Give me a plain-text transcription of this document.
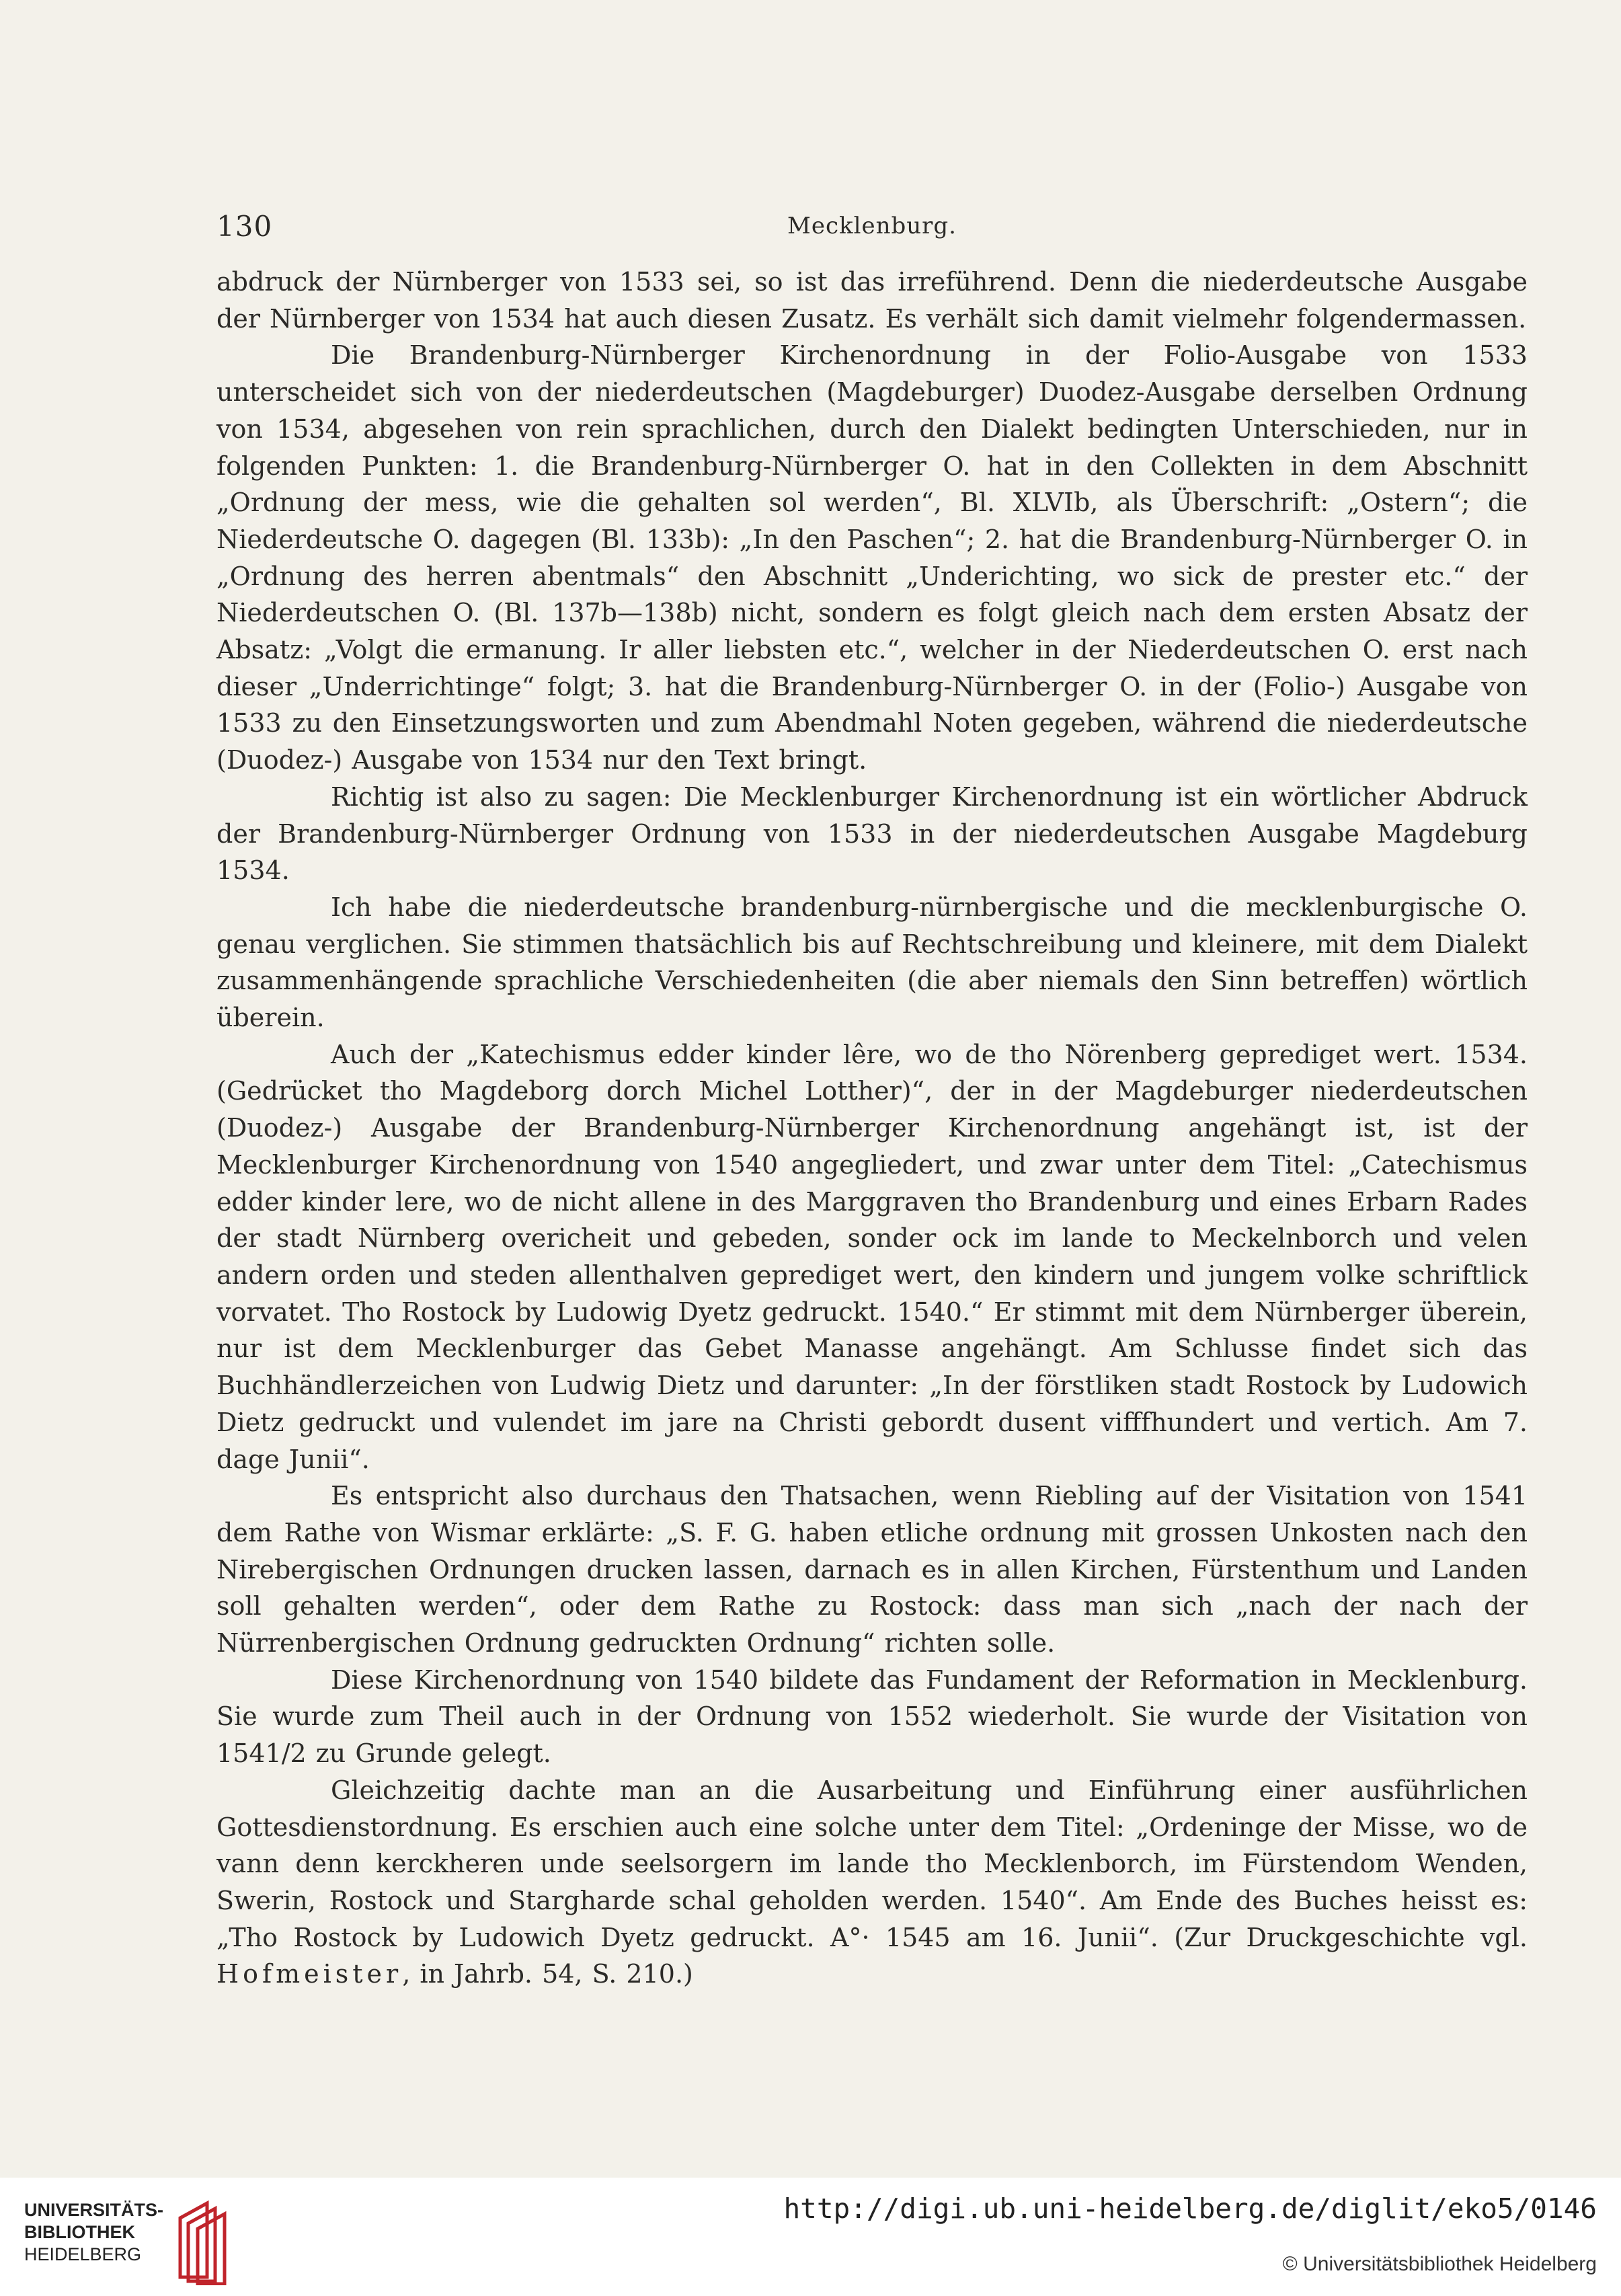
130	Mecklenburg.

abdruck der Nürnberger von 1533 sei, so ist das irreführend. Denn die niederdeutsche Ausgabe der Nürnberger von 1534 hat auch diesen Zusatz. Es verhält sich damit vielmehr folgendermassen.

Die Brandenburg-Nürnberger Kirchenordnung in der Folio-Ausgabe von 1533 unterscheidet sich von der niederdeutschen (Magdeburger) Duodez-Ausgabe derselben Ordnung von 1534, abgesehen von rein sprachlichen, durch den Dialekt bedingten Unterschieden, nur in folgenden Punkten: 1. die Brandenburg-Nürnberger O. hat in den Collekten in dem Abschnitt „Ordnung der mess, wie die gehalten sol werden“, Bl. XLVIb, als Überschrift: „Ostern“; die Niederdeutsche O. dagegen (Bl. 133b): „In den Paschen“; 2. hat die Brandenburg-Nürnberger O. in „Ordnung des herren abentmals“ den Abschnitt „Underichting, wo sick de prester etc.“ der Niederdeutschen O. (Bl. 137b—138b) nicht, sondern es folgt gleich nach dem ersten Absatz der Absatz: „Volgt die ermanung. Ir aller liebsten etc.“, welcher in der Niederdeutschen O. erst nach dieser „Underrichtinge“ folgt; 3. hat die Brandenburg-Nürnberger O. in der (Folio-) Ausgabe von 1533 zu den Einsetzungsworten und zum Abendmahl Noten gegeben, während die niederdeutsche (Duodez-) Ausgabe von 1534 nur den Text bringt.

Richtig ist also zu sagen: Die Mecklenburger Kirchenordnung ist ein wörtlicher Abdruck der Brandenburg-Nürnberger Ordnung von 1533 in der niederdeutschen Ausgabe Magdeburg 1534.

Ich habe die niederdeutsche brandenburg-nürnbergische und die mecklenburgische O. genau verglichen. Sie stimmen thatsächlich bis auf Rechtschreibung und kleinere, mit dem Dialekt zusammenhängende sprachliche Verschiedenheiten (die aber niemals den Sinn betreffen) wörtlich überein.

Auch der „Katechismus edder kinder lêre, wo de tho Nörenberg geprediget wert. 1534. (Gedrücket tho Magdeborg dorch Michel Lotther)“, der in der Magdeburger niederdeutschen (Duodez-) Ausgabe der Brandenburg-Nürnberger Kirchenordnung angehängt ist, ist der Mecklenburger Kirchenordnung von 1540 angegliedert, und zwar unter dem Titel: „Catechismus edder kinder lere, wo de nicht allene in des Marggraven tho Brandenburg und eines Erbarn Rades der stadt Nürnberg overicheit und gebeden, sonder ock im lande to Meckelnborch und velen andern orden und steden allenthalven geprediget wert, den kindern und jungem volke schriftlick vorvatet. Tho Rostock by Ludowig Dyetz gedruckt. 1540.“ Er stimmt mit dem Nürnberger überein, nur ist dem Mecklenburger das Gebet Manasse angehängt. Am Schlusse findet sich das Buchhändlerzeichen von Ludwig Dietz und darunter: „In der förstliken stadt Rostock by Ludowich Dietz gedruckt und vulendet im jare na Christi gebordt dusent vifffhundert und vertich. Am 7. dage Junii“.

Es entspricht also durchaus den Thatsachen, wenn Riebling auf der Visitation von 1541 dem Rathe von Wismar erklärte: „S. F. G. haben etliche ordnung mit grossen Unkosten nach den Nirebergischen Ordnungen drucken lassen, darnach es in allen Kirchen, Fürstenthum und Landen soll gehalten werden“, oder dem Rathe zu Rostock: dass man sich „nach der nach der Nürrenbergischen Ordnung gedruckten Ordnung“ richten solle.

Diese Kirchenordnung von 1540 bildete das Fundament der Reformation in Mecklenburg. Sie wurde zum Theil auch in der Ordnung von 1552 wiederholt. Sie wurde der Visitation von 1541/2 zu Grunde gelegt.

Gleichzeitig dachte man an die Ausarbeitung und Einführung einer ausführlichen Gottesdienstordnung. Es erschien auch eine solche unter dem Titel: „Ordeninge der Misse, wo de vann denn kerckheren unde seelsorgern im lande tho Mecklenborch, im Fürstendom Wenden, Swerin, Rostock und Stargharde schal geholden werden. 1540“. Am Ende des Buches heisst es: „Tho Rostock by Ludowich Dyetz gedruckt. A°· 1545 am 16. Junii“. (Zur Druckgeschichte vgl. Hofmeister, in Jahrb. 54, S. 210.)

UNIVERSITÄTS-
BIBLIOTHEK
HEIDELBERG
http://digi.ub.uni-heidelberg.de/diglit/eko5/0146
© Universitätsbibliothek Heidelberg
